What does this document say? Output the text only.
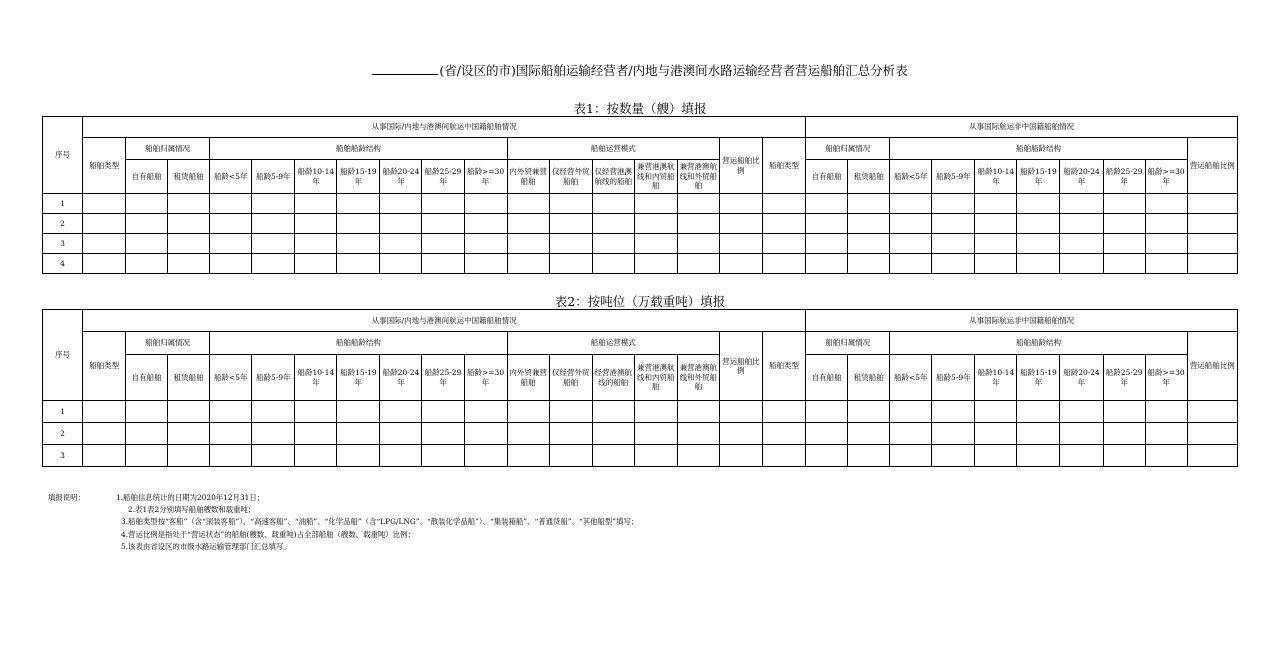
(省/设区的市)国际船舶运输经营者/内地与港澳间水路运输经营者营运船舶汇总分析表
表1：按数量（艘）填报
序号	从事国际/内地与港澳间航运中国籍船舶情况																	从事国际航运非中国籍船舶情况									
	船舶类型	船舶归属情况		船舶船龄结构							船舶运营模式					营运船舶比例	船舶类型	船舶归属情况		船舶船龄结构							营运船舶比例
		自有船舶	租赁船舶	船龄<5年	船龄5-9年	船龄10-14年	船龄15-19年	船龄20-24年	船龄25-29年	船龄>=30年	内外贸兼营船舶	仅经营外贸船舶	仅经营港澳航线的船舶	兼营港澳航线和内贸船舶	兼营港澳航线和外贸船舶			自有船舶	租赁船舶	船龄<5年	船龄5-9年	船龄10-14年	船龄15-19年	船龄20-24年	船龄25-29年	船龄>=30年	
1																											
2																											
3																											
4																											
表2：按吨位（万载重吨）填报
序号	从事国际/内地与港澳间航运中国籍船舶情况																	从事国际航运非中国籍船舶情况									
	船舶类型	船舶归属情况		船舶船龄结构							船舶运营模式					营运船舶比例	船舶类型	船舶归属情况		船舶船龄结构							营运船舶比例
		自有船舶	租赁船舶	船龄<5年	船龄5-9年	船龄10-14年	船龄15-19年	船龄20-24年	船龄25-29年	船龄>=30年	内外贸兼营船舶	仅经营外贸船舶	经营港澳航线的船舶	兼营港澳航线和内贸船舶	兼营港澳航线和外贸船舶			自有船舶	租赁船舶	船龄<5年	船龄5-9年	船龄10-14年	船龄15-19年	船龄20-24年	船龄25-29年	船龄>=30年	
1																											
2																											
3																											
填报说明：	1.船舶信息统计的日期为2020年12月31日；
2.表1表2分别填写船舶艘数和载重吨；
3.船舶类型按“客船”（含“滚装客船”）、“高速客船”、“油船”、“化学品船”（含“LPG/LNG”、“散装化学品船”）、“集装箱船”、“普通货船”、“其他船型”填写；
4.营运比例是指处于“营运状态”的船舶(艘数、载重吨)占全部船舶（艘数、载重吨）比例；
5.该表由省设区的市级水路运输管理部门汇总填写。
